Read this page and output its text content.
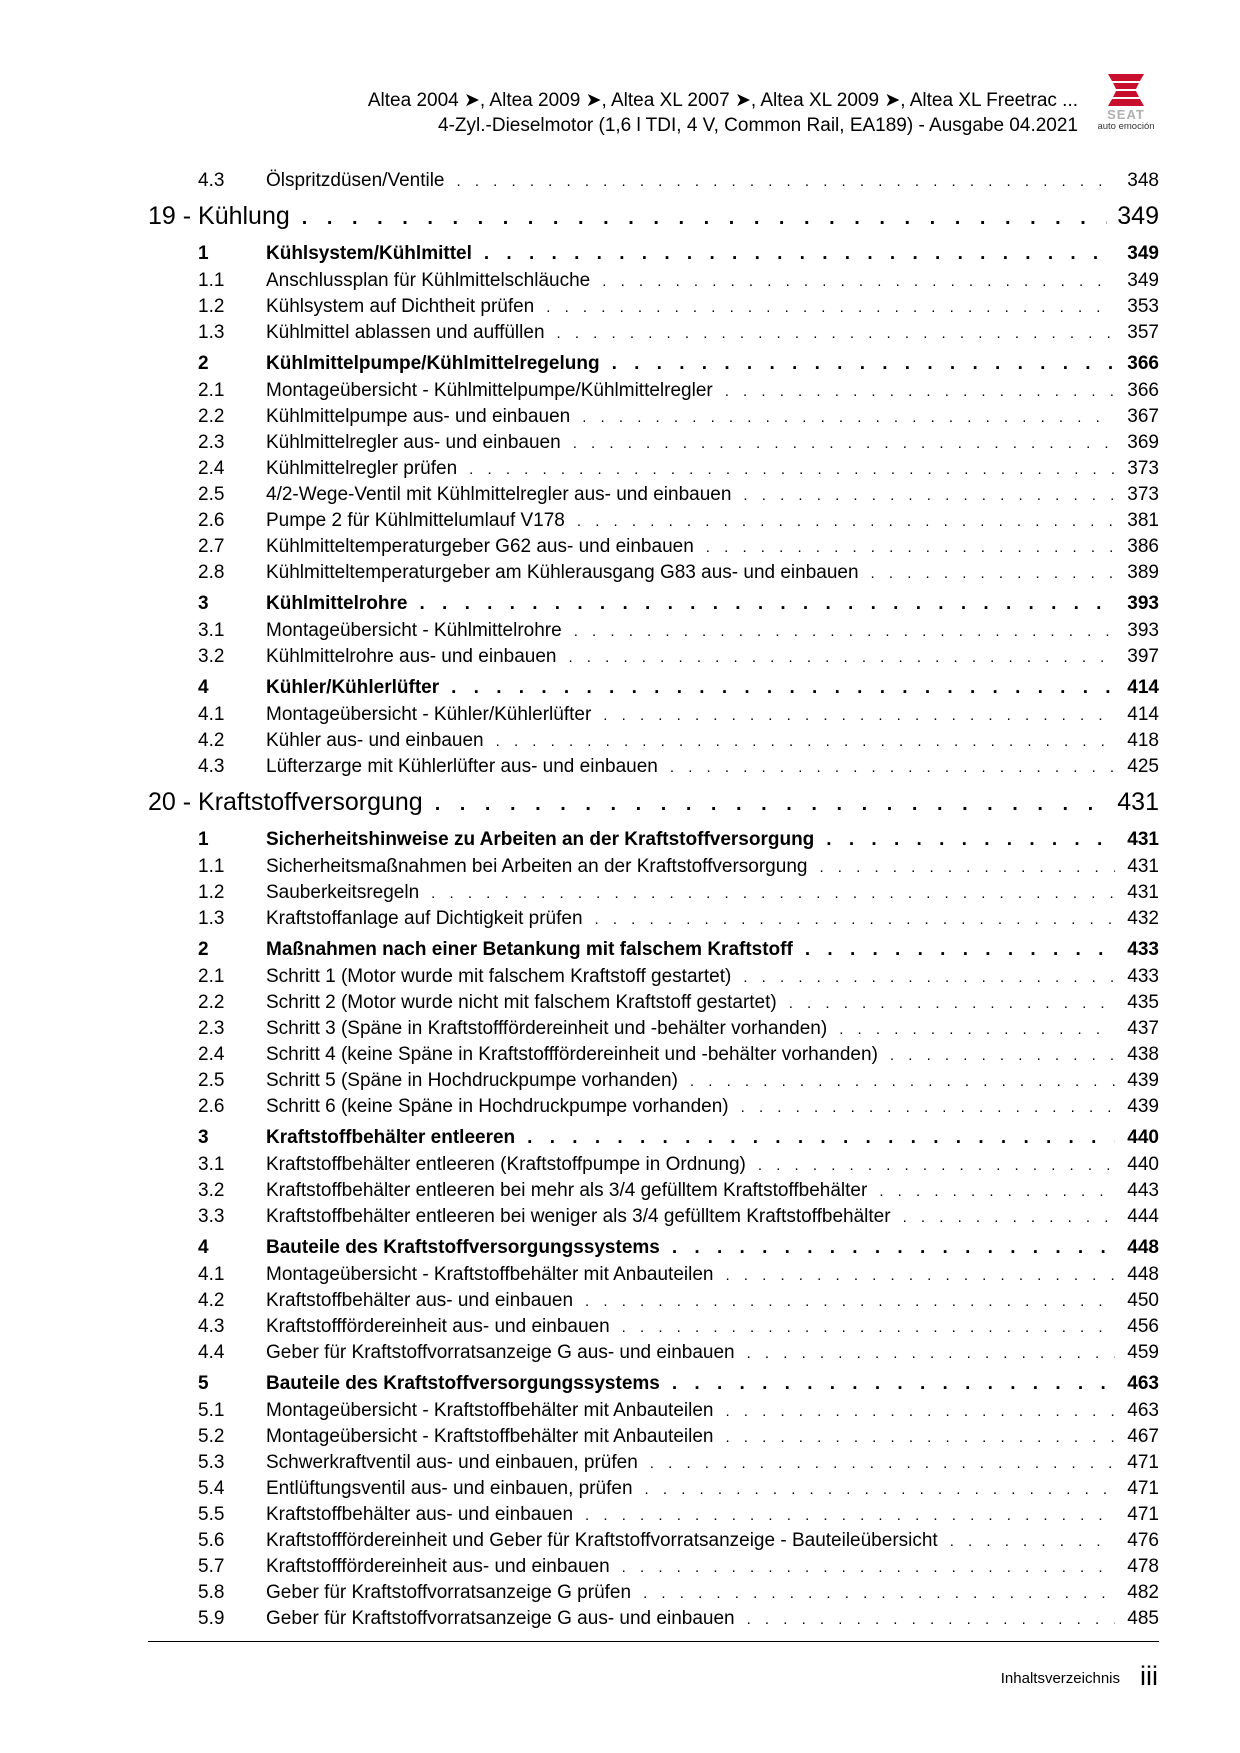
Altea 2004 ➤, Altea 2009 ➤, Altea XL 2007 ➤, Altea XL 2009 ➤, Altea XL Freetrac ...
4-Zyl.-Dieselmotor (1,6 l TDI, 4 V, Common Rail, EA189) - Ausgabe 04.2021
SEAT
auto emoción
4.3	Ölspritzdüsen/Ventile . . .	348
19 - Kühlung . . .	349
1	Kühlsystem/Kühlmittel . . .	349
1.1	Anschlussplan für Kühlmittelschläuche . . .	349
1.2	Kühlsystem auf Dichtheit prüfen . . .	353
1.3	Kühlmittel ablassen und auffüllen . . .	357
2	Kühlmittelpumpe/Kühlmittelregelung . . .	366
2.1	Montageübersicht - Kühlmittelpumpe/Kühlmittelregler . . .	366
2.2	Kühlmittelpumpe aus- und einbauen . . .	367
2.3	Kühlmittelregler aus- und einbauen . . .	369
2.4	Kühlmittelregler prüfen . . .	373
2.5	4/2-Wege-Ventil mit Kühlmittelregler aus- und einbauen . . .	373
2.6	Pumpe 2 für Kühlmittelumlauf V178 . . .	381
2.7	Kühlmitteltemperaturgeber G62 aus- und einbauen . . .	386
2.8	Kühlmitteltemperaturgeber am Kühlerausgang G83 aus- und einbauen . . .	389
3	Kühlmittelrohre . . .	393
3.1	Montageübersicht - Kühlmittelrohre . . .	393
3.2	Kühlmittelrohre aus- und einbauen . . .	397
4	Kühler/Kühlerlüfter . . .	414
4.1	Montageübersicht - Kühler/Kühlerlüfter . . .	414
4.2	Kühler aus- und einbauen . . .	418
4.3	Lüfterzarge mit Kühlerlüfter aus- und einbauen . . .	425
20 - Kraftstoffversorgung . . .	431
1	Sicherheitshinweise zu Arbeiten an der Kraftstoffversorgung . . .	431
1.1	Sicherheitsmaßnahmen bei Arbeiten an der Kraftstoffversorgung . . .	431
1.2	Sauberkeitsregeln . . .	431
1.3	Kraftstoffanlage auf Dichtigkeit prüfen . . .	432
2	Maßnahmen nach einer Betankung mit falschem Kraftstoff . . .	433
2.1	Schritt 1 (Motor wurde mit falschem Kraftstoff gestartet) . . .	433
2.2	Schritt 2 (Motor wurde nicht mit falschem Kraftstoff gestartet) . . .	435
2.3	Schritt 3 (Späne in Kraftstofffördereinheit und -behälter vorhanden) . . .	437
2.4	Schritt 4 (keine Späne in Kraftstofffördereinheit und -behälter vorhanden) . . .	438
2.5	Schritt 5 (Späne in Hochdruckpumpe vorhanden) . . .	439
2.6	Schritt 6 (keine Späne in Hochdruckpumpe vorhanden) . . .	439
3	Kraftstoffbehälter entleeren . . .	440
3.1	Kraftstoffbehälter entleeren (Kraftstoffpumpe in Ordnung) . . .	440
3.2	Kraftstoffbehälter entleeren bei mehr als 3/4 gefülltem Kraftstoffbehälter . . .	443
3.3	Kraftstoffbehälter entleeren bei weniger als 3/4 gefülltem Kraftstoffbehälter . . .	444
4	Bauteile des Kraftstoffversorgungssystems . . .	448
4.1	Montageübersicht - Kraftstoffbehälter mit Anbauteilen . . .	448
4.2	Kraftstoffbehälter aus- und einbauen . . .	450
4.3	Kraftstofffördereinheit aus- und einbauen . . .	456
4.4	Geber für Kraftstoffvorratsanzeige G aus- und einbauen . . .	459
5	Bauteile des Kraftstoffversorgungssystems . . .	463
5.1	Montageübersicht - Kraftstoffbehälter mit Anbauteilen . . .	463
5.2	Montageübersicht - Kraftstoffbehälter mit Anbauteilen . . .	467
5.3	Schwerkraftventil aus- und einbauen, prüfen . . .	471
5.4	Entlüftungsventil aus- und einbauen, prüfen . . .	471
5.5	Kraftstoffbehälter aus- und einbauen . . .	471
5.6	Kraftstofffördereinheit und Geber für Kraftstoffvorratsanzeige - Bauteileübersicht . . .	476
5.7	Kraftstofffördereinheit aus- und einbauen . . .	478
5.8	Geber für Kraftstoffvorratsanzeige G prüfen . . .	482
5.9	Geber für Kraftstoffvorratsanzeige G aus- und einbauen . . .	485
Inhaltsverzeichnis iii
